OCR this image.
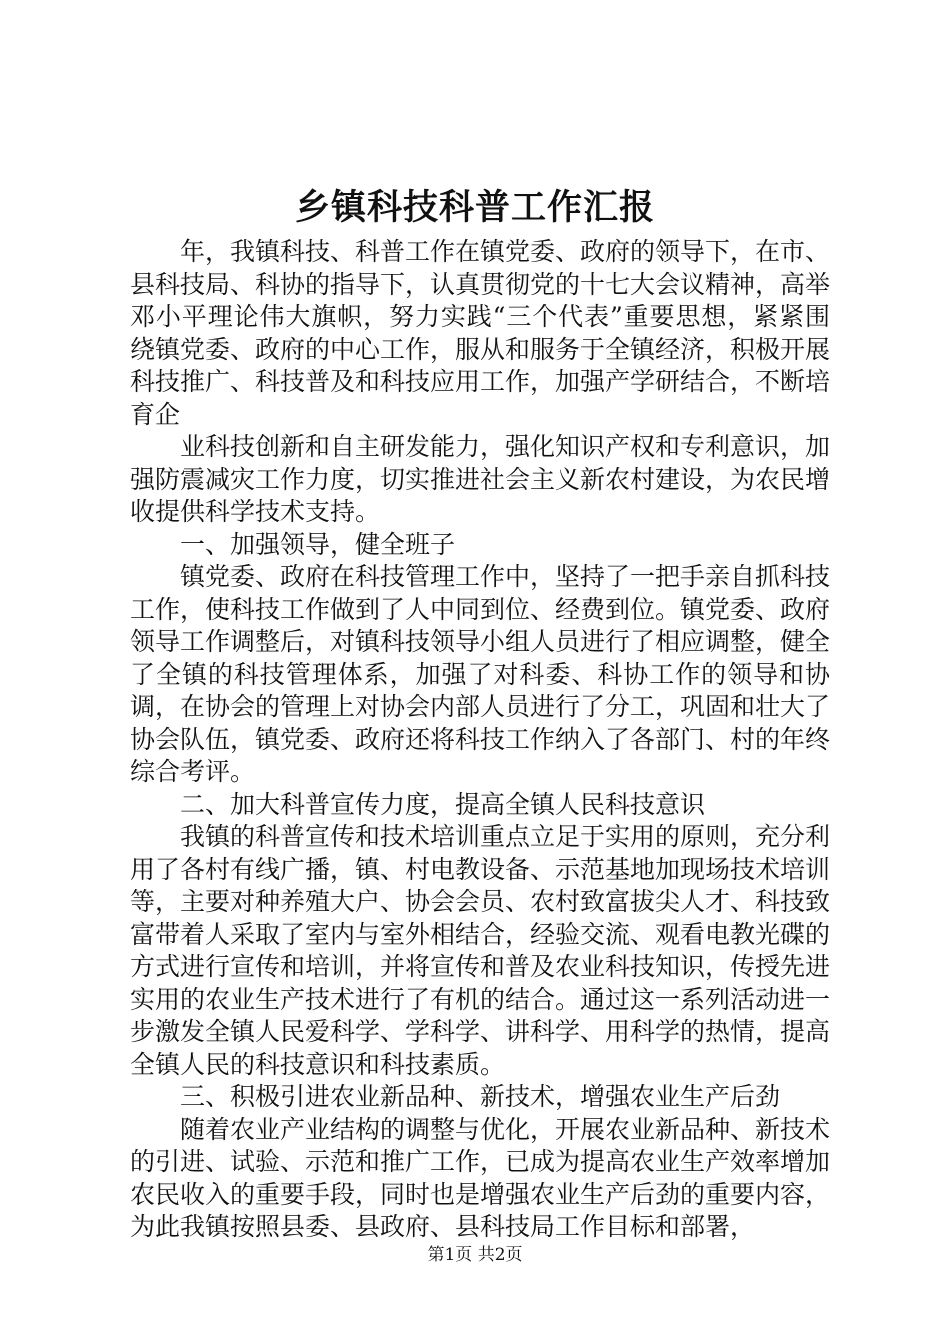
乡镇科技科普工作汇报

年，我镇科技、科普工作在镇党委、政府的领导下，在市、县科技局、科协的指导下，认真贯彻党的十七大会议精神，高举邓小平理论伟大旗帜，努力实践“三个代表”重要思想，紧紧围绕镇党委、政府的中心工作，服从和服务于全镇经济，积极开展科技推广、科技普及和科技应用工作，加强产学研结合，不断培育企

业科技创新和自主研发能力，强化知识产权和专利意识，加强防震减灾工作力度，切实推进社会主义新农村建设，为农民增收提供科学技术支持。

一、加强领导，健全班子

镇党委、政府在科技管理工作中，坚持了一把手亲自抓科技工作，使科技工作做到了人中同到位、经费到位。镇党委、政府领导工作调整后，对镇科技领导小组人员进行了相应调整，健全了全镇的科技管理体系，加强了对科委、科协工作的领导和协调，在协会的管理上对协会内部人员进行了分工，巩固和壮大了协会队伍，镇党委、政府还将科技工作纳入了各部门、村的年终综合考评。

二、加大科普宣传力度，提高全镇人民科技意识

我镇的科普宣传和技术培训重点立足于实用的原则，充分利用了各村有线广播，镇、村电教设备、示范基地加现场技术培训等，主要对种养殖大户、协会会员、农村致富拔尖人才、科技致富带着人采取了室内与室外相结合，经验交流、观看电教光碟的方式进行宣传和培训，并将宣传和普及农业科技知识，传授先进实用的农业生产技术进行了有机的结合。通过这一系列活动进一步激发全镇人民爱科学、学科学、讲科学、用科学的热情，提高全镇人民的科技意识和科技素质。

三、积极引进农业新品种、新技术，增强农业生产后劲

随着农业产业结构的调整与优化，开展农业新品种、新技术的引进、试验、示范和推广工作，已成为提高农业生产效率增加农民收入的重要手段，同时也是增强农业生产后劲的重要内容，为此我镇按照县委、县政府、县科技局工作目标和部署，

第1页 共2页
